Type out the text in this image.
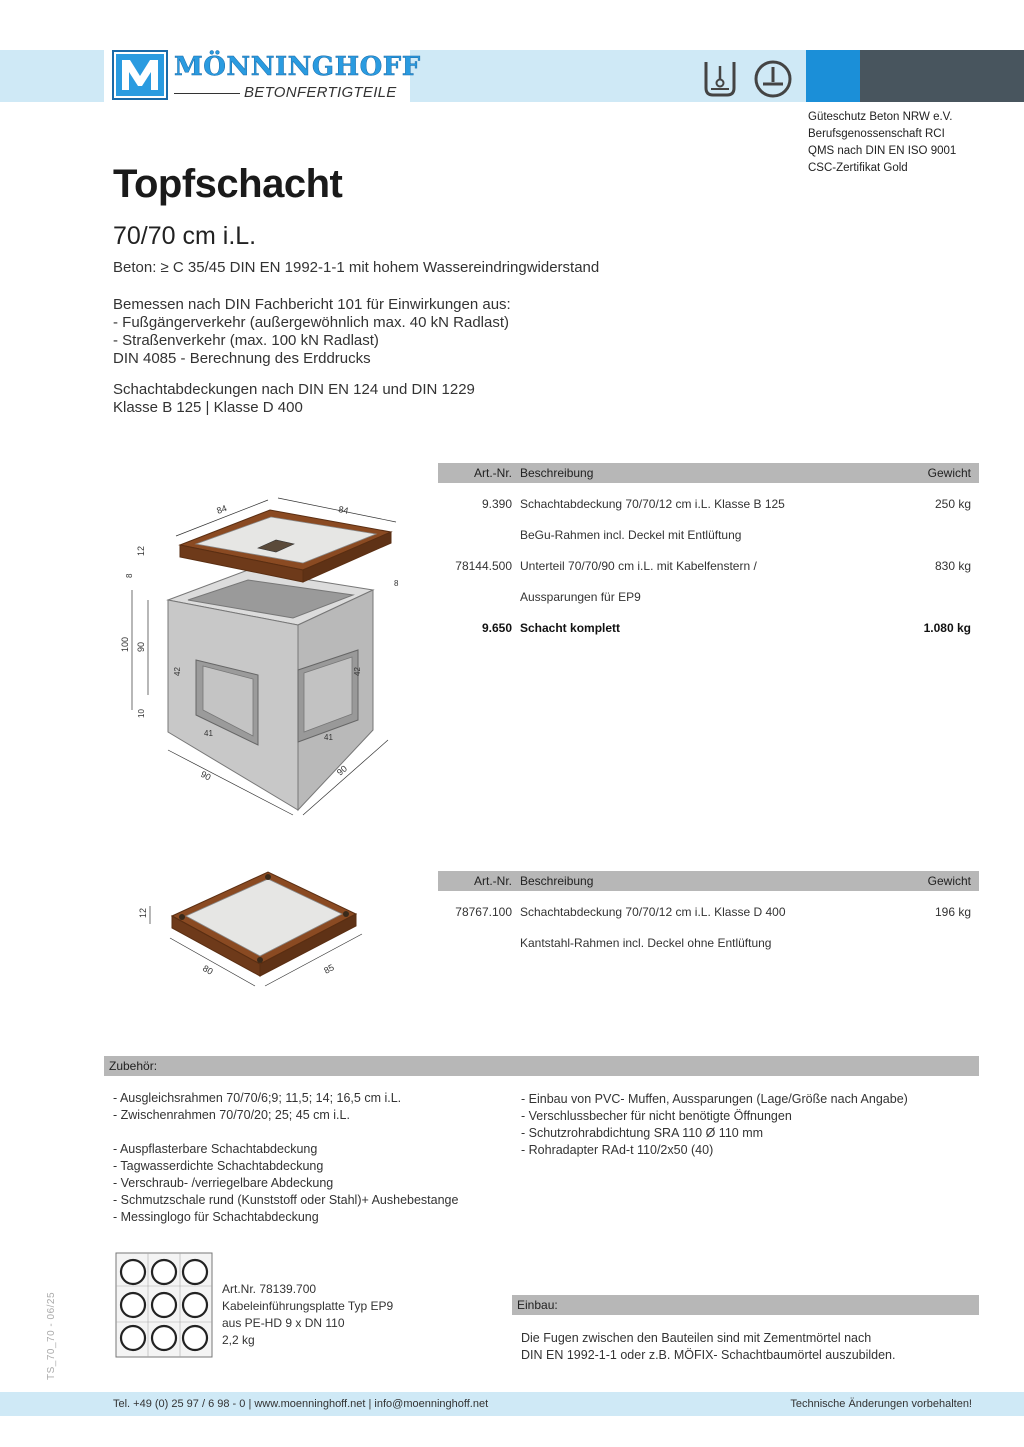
MÖNNINGHOFF
BETONFERTIGTEILE
Güteschutz Beton NRW e.V.
Berufsgenossenschaft RCI
QMS nach DIN EN ISO 9001
CSC-Zertifikat Gold
Topfschacht
70/70 cm i.L.
Beton: ≥ C 35/45 DIN EN 1992-1-1 mit hohem Wassereindringwiderstand
Bemessen nach DIN Fachbericht 101 für Einwirkungen aus:
- Fußgängerverkehr (außergewöhnlich max. 40 kN Radlast)
- Straßenverkehr (max. 100 kN Radlast)
DIN 4085 - Berechnung des Erddrucks
Schachtabdeckungen nach DIN EN 124 und DIN 1229
Klasse B 125 | Klasse D 400
84	84
12
8
8
100 90
10
42	42
41	41
90	90
Art.-Nr. Beschreibung	Gewicht
9.390 Schachtabdeckung 70/70/12 cm i.L. Klasse B 125	250 kg
BeGu-Rahmen incl. Deckel mit Entlüftung
78144.500 Unterteil 70/70/90 cm i.L. mit Kabelfenstern /	830 kg
Aussparungen für EP9
9.650 Schacht komplett	1.080 kg
12
80	85
Art.-Nr. Beschreibung	Gewicht
78767.100 Schachtabdeckung 70/70/12 cm i.L. Klasse D 400	196 kg
Kantstahl-Rahmen incl. Deckel ohne Entlüftung
Zubehör:
- Ausgleichsrahmen 70/70/6;9; 11,5; 14; 16,5 cm i.L.
- Zwischenrahmen 70/70/20; 25; 45 cm i.L.
- Auspflasterbare Schachtabdeckung
- Tagwasserdichte Schachtabdeckung
- Verschraub- /verriegelbare Abdeckung
- Schmutzschale rund (Kunststoff oder Stahl)+ Aushebestange
- Messinglogo für Schachtabdeckung
- Einbau von PVC- Muffen, Aussparungen (Lage/Größe nach Angabe)
- Verschlussbecher für nicht benötigte Öffnungen
- Schutzrohrabdichtung SRA 110 Ø 110 mm
- Rohradapter RAd-t 110/2x50 (40)
Art.Nr. 78139.700
Kabeleinführungsplatte Typ EP9
aus PE-HD 9 x DN 110
2,2 kg
Einbau:
Die Fugen zwischen den Bauteilen sind mit Zementmörtel nach
DIN EN 1992-1-1 oder z.B. MÖFIX- Schachtbaumörtel auszubilden.
TS_70_70 - 06/25
Tel. +49 (0) 25 97 / 6 98 - 0 | www.moenninghoff.net | info@moenninghoff.net	Technische Änderungen vorbehalten!
